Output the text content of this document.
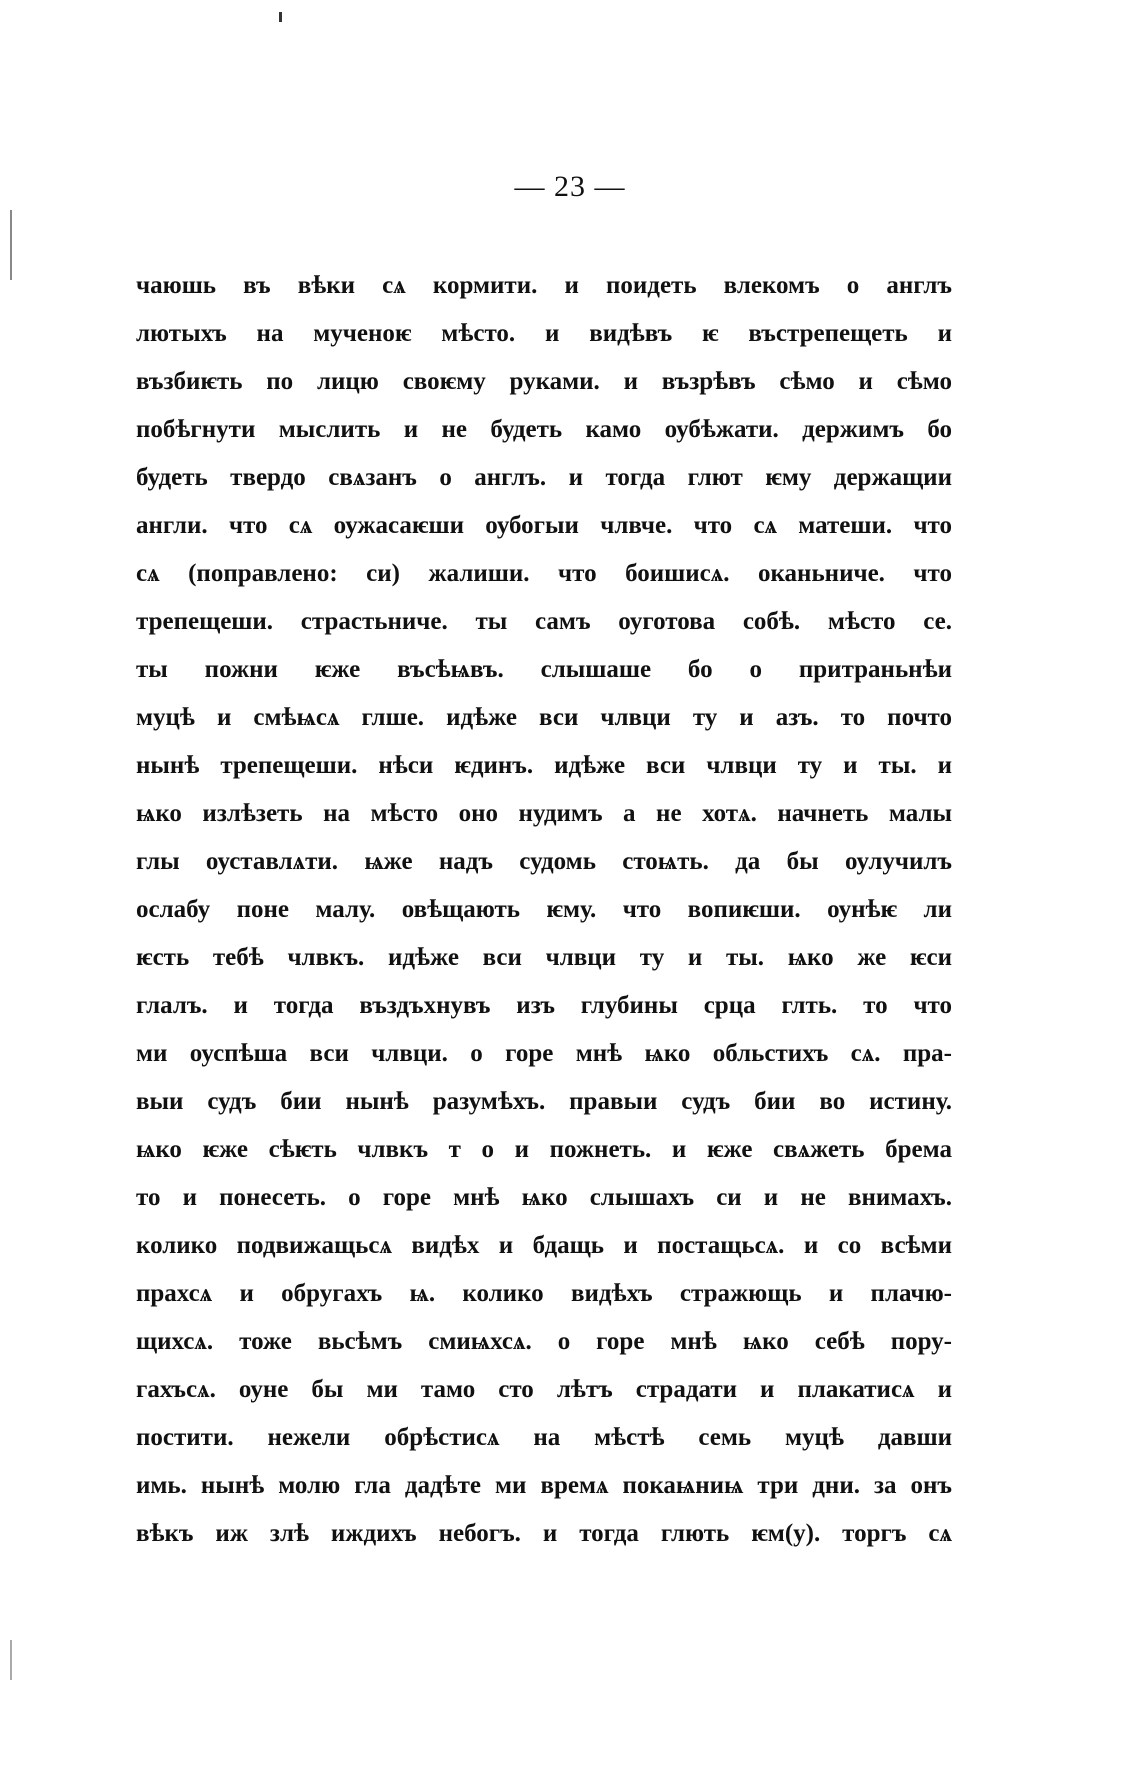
— 23 —
чаюшь въ вѣки сѧ кормити. и поидеть влекомъ о англъ
лютыхъ на мученоѥ мѣсто. и видѣвъ ѥ въстрепещеть и
възбиѥть по лицю своѥму руками. и възрѣвъ сѣмо и сѣмо
побѣгнути мыслить и не будеть камо оубѣжати. держимъ бо
будеть твердо свѧзанъ о англъ. и тогда глют ѥму держащии
англи. что сѧ оужасаѥши оубогыи члвче. что сѧ матеши. что
сѧ (поправлено: си) жалиши. что боишисѧ. оканьниче. что
трепещеши. страстьниче. ты самъ оуготова собѣ. мѣсто се.
ты пожни ѥже въсѣѩвъ. слышаше бо о притраньнѣи
муцѣ и смѣѩсѧ глше. идѣже вси члвци ту и азъ. то почто
нынѣ трепещеши. нѣси ѥдинъ. идѣже вси члвци ту и ты. и
ѩко излѣзеть на мѣсто оно нудимъ а не хотѧ. начнеть малы
глы оуставлѧти. ѩже надъ судомь стоѩть. да бы оулучилъ
ослабу поне малу. овѣщають ѥму. что вопиѥши. оунѣѥ ли
ѥсть тебѣ члвкъ. идѣже вси члвци ту и ты. ѩко же ѥси
глалъ. и тогда въздъхнувъ изъ глубины срца глть. то что
ми оуспѣша вси члвци. о горе мнѣ ѩко обльстихъ сѧ. пра-
выи судъ бии нынѣ разумѣхъ. правыи судъ бии во истину.
ѩко ѥже сѣѥть члвкъ т о и пожнеть. и ѥже свѧжеть брема
то и понесеть. о горе мнѣ ѩко слышахъ си и не внимахъ.
колико подвижащьсѧ видѣх и бдащь и постащьсѧ. и со всѣми
прахсѧ и обругахъ ѩ. колико видѣхъ стражющь и плачю-
щихсѧ. тоже вьсѣмъ смиѩхсѧ. о горе мнѣ ѩко себѣ пору-
гахъсѧ. оуне бы ми тамо сто лѣтъ страдати и плакатисѧ и
постити. нежели обрѣстисѧ на мѣстѣ семь муцѣ давши
имь. нынѣ молю гла дадѣте ми времѧ покаѩниѩ три дни. за онъ
вѣкъ иж злѣ иждихъ небогъ. и тогда глють ѥм(у). торгъ сѧ
